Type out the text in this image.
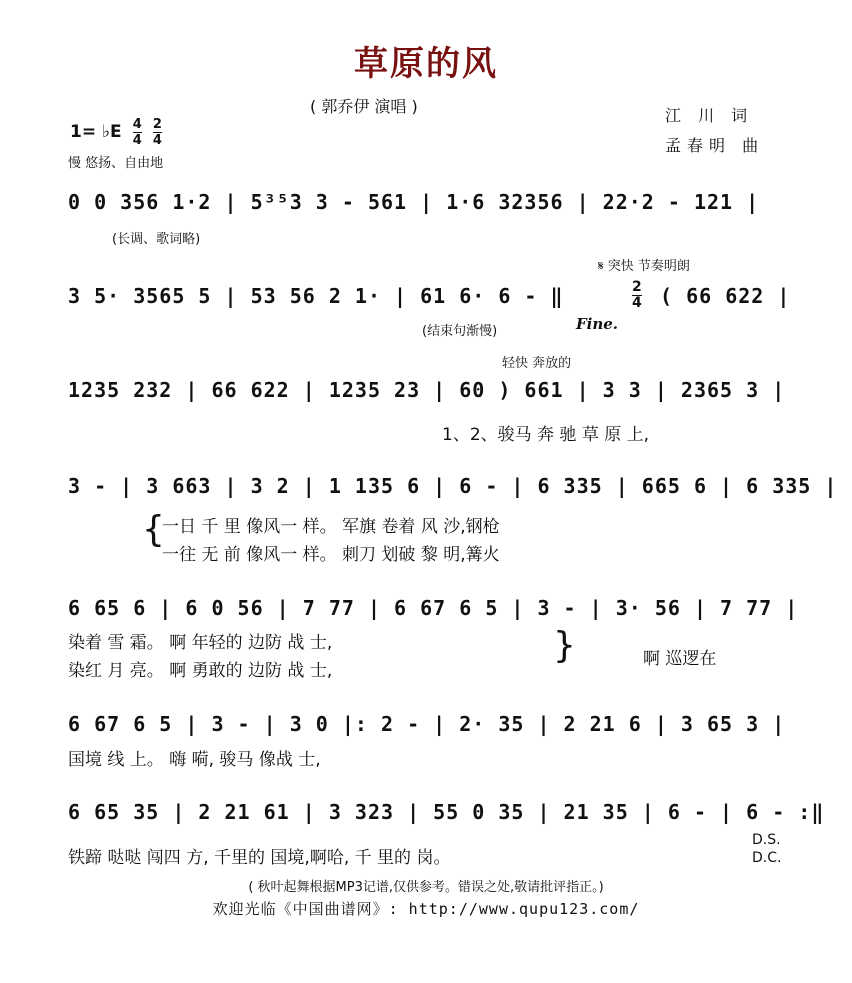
草原的风
( 郭乔伊 演唱 )	江 川 词
孟春明 曲
1= ♭E $\frac{4}{4} \frac{2}{4}$
慢 悠扬、自由地
0 0 356 1·2 | 5³⁵3 3 - 561 | 1·6 32356 | 22·2 - 121 |
(长调、歌词略)
𝄋 突快 节奏明朗
3 5· 3565 5 | 53 56 2 1· | 61 6· 6 - ‖	$\frac{2}{4}$ ( 66 622 |
(结束句渐慢)	Fine.
轻快 奔放的
1235 232 | 66 622 | 1235 23 | 60 ) 661 | 3 3 | 2365 3 |
1、2、骏马 奔 驰 草 原 上,
3 - | 3 663 | 3 2 | 1 135 6 | 6 - | 6 335 | 665 6 | 6 335 |
{
一日 千 里 像风一 样。 军旗 卷着 风 沙,钢枪
一往 无 前 像风一 样。 刺刀 划破 黎 明,篝火
6 65 6 | 6 0 56 | 7 77 | 6 67 6 5 | 3 - | 3· 56 | 7 77 |
染着 雪 霜。 啊 年轻的 边防 战 士,
染红 月 亮。 啊 勇敢的 边防 战 士,
}	啊 巡逻在
6 67 6 5 | 3 - | 3 0 |: 2 - | 2· 35 | 2 21 6 | 3 65 3 |
国境 线 上。 嗨 嗬, 骏马 像战 士,
6 65 35 | 2 21 61 | 3 323 | 55 0 35 | 21 35 | 6 - | 6 - :‖
铁蹄 哒哒 闯四 方, 千里的 国境,啊哈, 千 里的 岗。
D.S.
D.C.
( 秋叶起舞根据MP3记谱,仅供参考。错误之处,敬请批评指正。)
欢迎光临《中国曲谱网》: http://www.qupu123.com/
